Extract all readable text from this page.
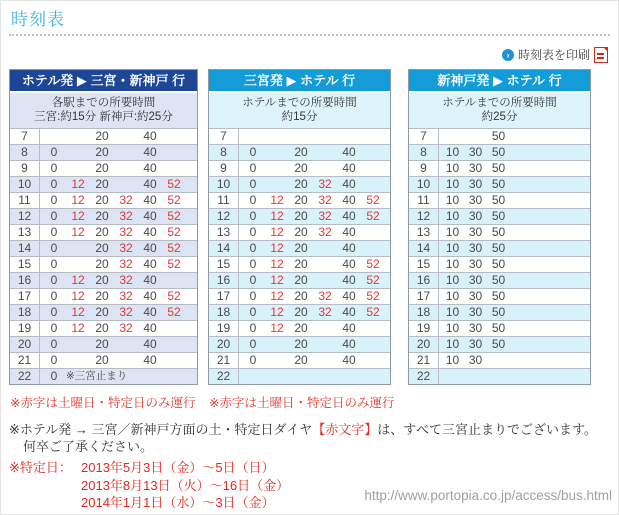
時刻表
› 時刻表を印刷
ホテル発 ▶ 三宮・新神戸 行
各駅までの所要時間
三宮:約15分 新神戸:約25分
7	20	40
8	0	20	40
9	0	20	40
10	0 12 20	40 52
11	0 12 20 32 40 52
12	0 12 20 32 40 52
13	0 12 20 32 40 52
14	0	20 32 40 52
15	0	20 32 40 52
16	0 12 20 32 40
17	0 12 20 32 40 52
18	0 12 20 32 40 52
19	0 12 20 32 40
20	0	20	40
21	0	20	40
22	0 ※三宮止まり
三宮発 ▶ ホテル 行
ホテルまでの所要時間
約15分
7
8	0	20	40
9	0	20	40
10	0	20 32 40
11	0 12 20 32 40 52
12	0 12 20 32 40 52
13	0 12 20 32 40
14	0 12 20	40
15	0 12 20	40 52
16	0 12 20	40 52
17	0 12 20 32 40 52
18	0 12 20 32 40 52
19	0 12 20	40
20	0	20	40
21	0	20	40
22
新神戸発 ▶ ホテル 行
ホテルまでの所要時間
約25分
7	50
8	10 30 50
9	10 30 50
10	10 30 50
11	10 30 50
12	10 30 50
13	10 30 50
14	10 30 50
15	10 30 50
16	10 30 50
17	10 30 50
18	10 30 50
19	10 30 50
20	10 30 50
21	10 30
22
※赤字は土曜日・特定日のみ運行 ※赤字は土曜日・特定日のみ運行
※ホテル発 → 三宮／新神戸方面の土・特定日ダイヤ【赤文字】は、すべて三宮止まりでございます。
何卒ご了承ください。
※特定日： 2013年5月3日（金）～5日（日）
2013年8月13日（火）～16日（金）
2014年1月1日（水）～3日（金）	http://www.portopia.co.jp/access/bus.html
